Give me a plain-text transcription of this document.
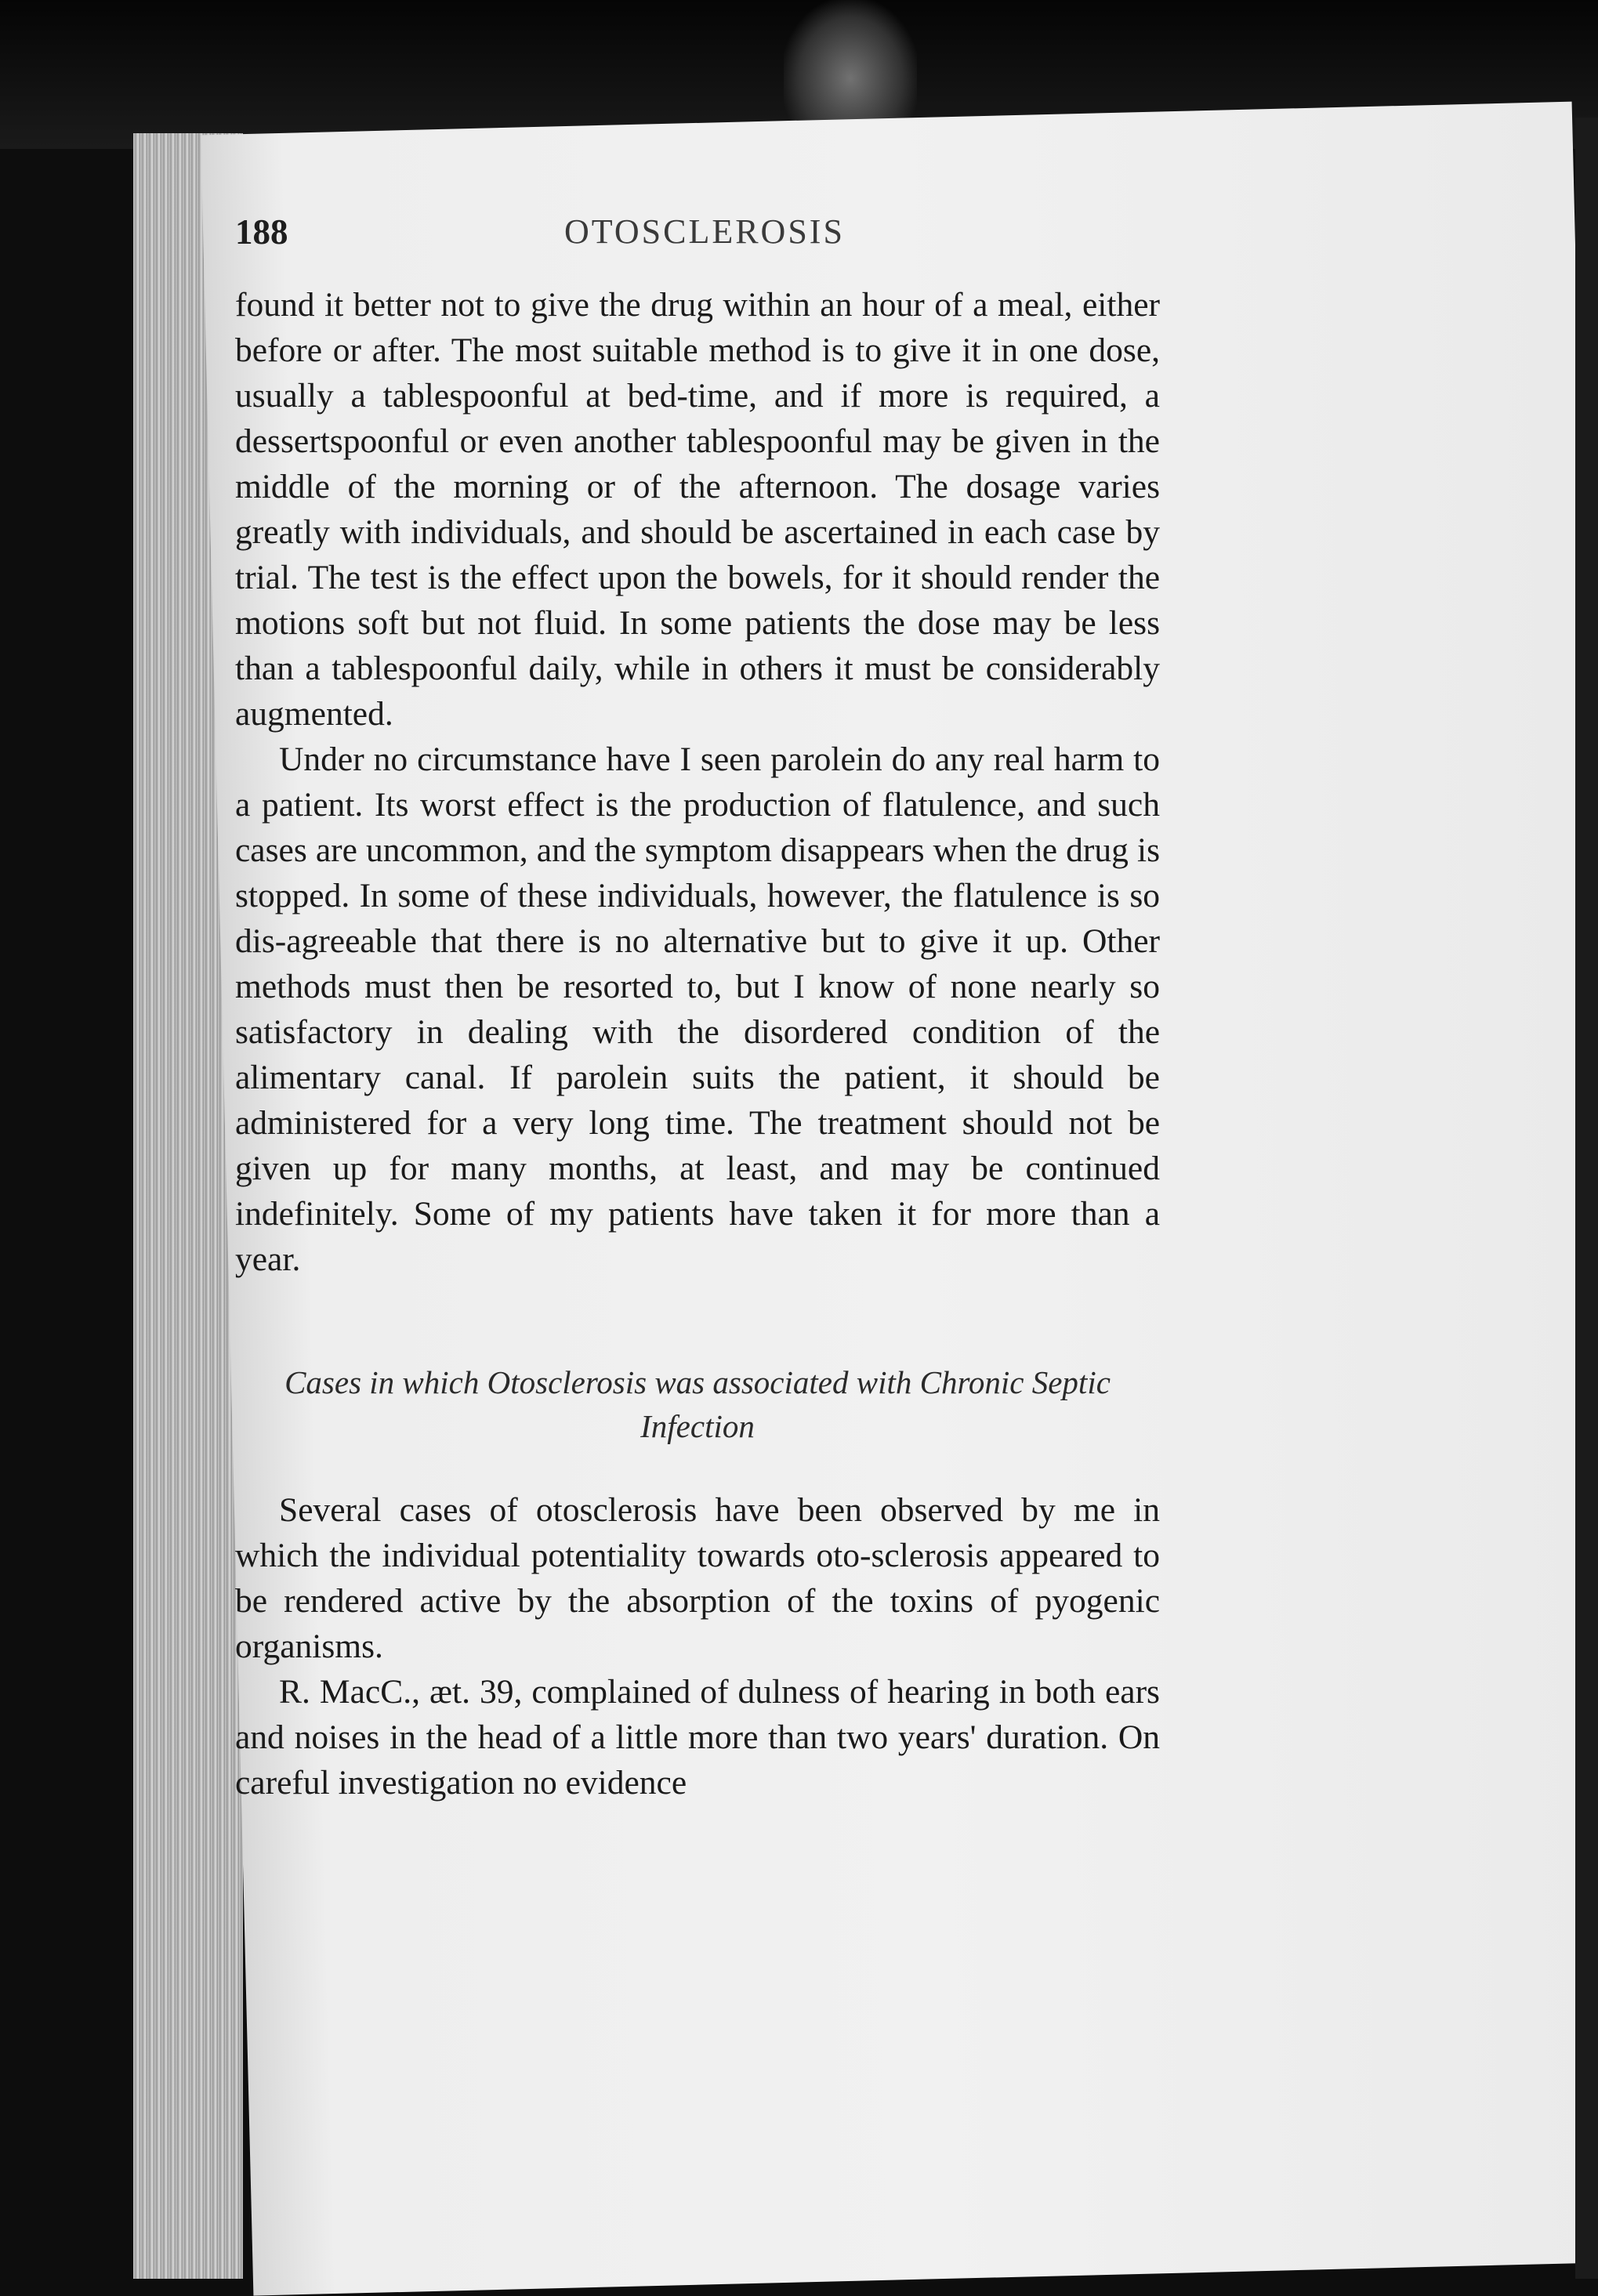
188	OTOSCLEROSIS

found it better not to give the drug within an hour of a meal, either before or after. The most suitable method is to give it in one dose, usually a tablespoonful at bed-time, and if more is required, a dessertspoonful or even another tablespoonful may be given in the middle of the morning or of the afternoon. The dosage varies greatly with individuals, and should be ascertained in each case by trial. The test is the effect upon the bowels, for it should render the motions soft but not fluid. In some patients the dose may be less than a tablespoonful daily, while in others it must be considerably augmented.

Under no circumstance have I seen parolein do any real harm to a patient. Its worst effect is the production of flatulence, and such cases are uncommon, and the symptom disappears when the drug is stopped. In some of these individuals, however, the flatulence is so dis-agreeable that there is no alternative but to give it up. Other methods must then be resorted to, but I know of none nearly so satisfactory in dealing with the disordered condition of the alimentary canal. If parolein suits the patient, it should be administered for a very long time. The treatment should not be given up for many months, at least, and may be continued indefinitely. Some of my patients have taken it for more than a year.

Cases in which Otosclerosis was associated with Chronic Septic Infection

Several cases of otosclerosis have been observed by me in which the individual potentiality towards oto-sclerosis appeared to be rendered active by the absorption of the toxins of pyogenic organisms.

R. MacC., æt. 39, complained of dulness of hearing in both ears and noises in the head of a little more than two years' duration. On careful investigation no evidence
